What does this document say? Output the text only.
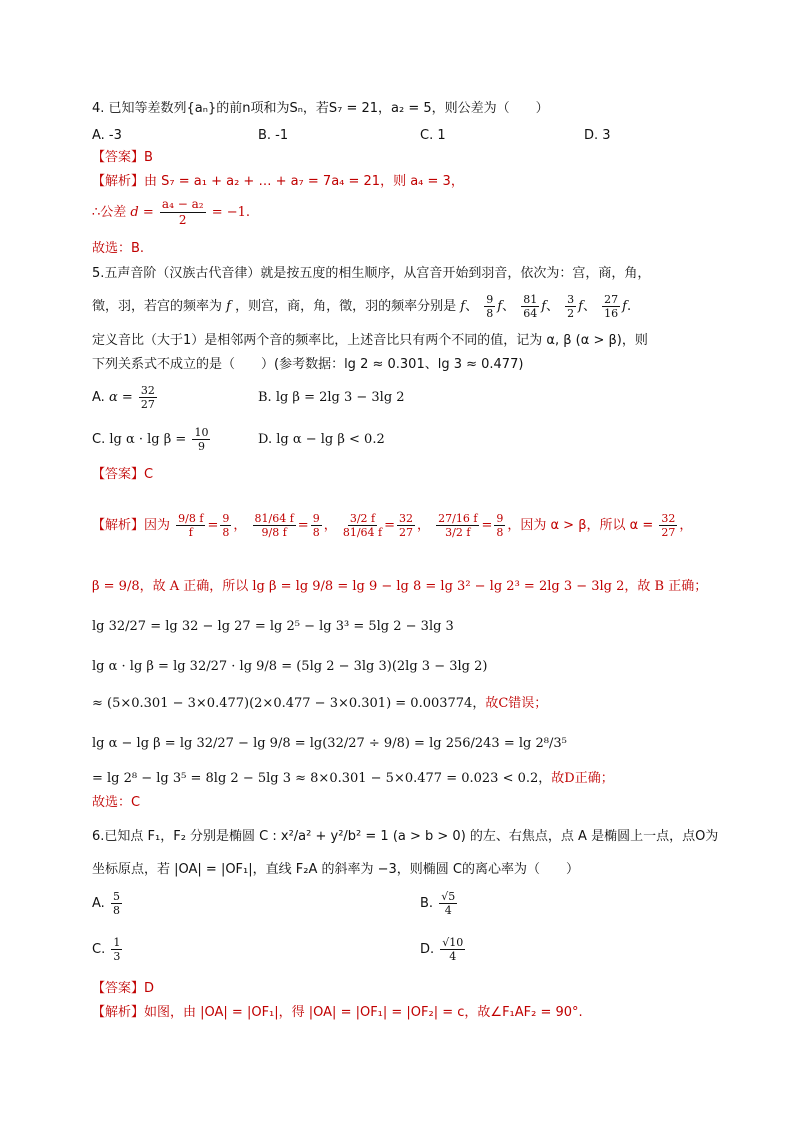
4. 已知等差数列{aₙ}的前n项和为Sₙ，若S₇ = 21，a₂ = 5，则公差为（　　）
A. -3	B. -1	C. 1	D. 3
【答案】B
【解析】由 S₇ = a₁ + a₂ + … + a₇ = 7a₄ = 21，则 a₄ = 3，
∴公差 $d = \frac{\text{a₄ − a₂}}{2} = -1$.
故选：B.
5.五声音阶（汉族古代音律）就是按五度的相生顺序，从宫音开始到羽音，依次为：宫，商，角，
徵，羽，若宫的频率为 f ，则宫，商，角，徵，羽的频率分别是 f、 $\frac{9}{8}$ f、 $\frac{81}{64}$ f、 $\frac{3}{2}$ f、 $\frac{27}{16} f$.
定义音比（大于1）是相邻两个音的频率比，上述音比只有两个不同的值，记为 α, β (α > β)，则
下列关系式不成立的是（　　）(参考数据：lg 2 ≈ 0.301、lg 3 ≈ 0.477)
A. $\alpha = \frac{32}{27}$	B. lg β = 2lg 3 − 3lg 2
C. $\lg \alpha \cdot \lg \beta = \frac{10}{9}$	D. lg α − lg β < 0.2
【答案】C
【解析】因为 $\frac{9/8 f}{f} = \frac{9}{8}$ ， $\frac{81/64 f}{9/8 f} = \frac{9}{8}$ ， $\frac{3/2 f}{81/64 f} = \frac{32}{27}$ ， $\frac{27/16 f}{3/2 f} = \frac{9}{8}$ ，因为 α > β，所以 $\alpha = \frac{32}{27}$ ，
β = 9/8，故 A 正确，所以 lg β = lg 9/8 = lg 9 − lg 8 = lg 3² − lg 2³ = 2lg 3 − 3lg 2，故 B 正确；
lg 32/27 = lg 32 − lg 27 = lg 2⁵ − lg 3³ = 5lg 2 − 3lg 3
lg α · lg β = lg 32/27 · lg 9/8 = (5lg 2 − 3lg 3)(2lg 3 − 3lg 2)
≈ (5×0.301 − 3×0.477)(2×0.477 − 3×0.301) = 0.003774，故C错误；
lg α − lg β = lg 32/27 − lg 9/8 = lg(32/27 ÷ 9/8) = lg 256/243 = lg 2⁸/3⁵
= lg 2⁸ − lg 3⁵ = 8lg 2 − 5lg 3 ≈ 8×0.301 − 5×0.477 = 0.023 < 0.2，故D正确；
故选：C
6.已知点 F₁，F₂ 分别是椭圆 C : x²/a² + y²/b² = 1 (a > b > 0) 的左、右焦点，点 A 是椭圆上一点，点O为
坐标原点，若 |OA| = |OF₁|，直线 F₂A 的斜率为 −3，则椭圆 C的离心率为（　　）
A. $\frac{5}{8}$	B. $\frac{√5}{4}$
C. $\frac{1}{3}$	D. $\frac{√10}{4}$
【答案】D
【解析】如图，由 |OA| = |OF₁|，得 |OA| = |OF₁| = |OF₂| = c，故∠F₁AF₂ = 90°.
